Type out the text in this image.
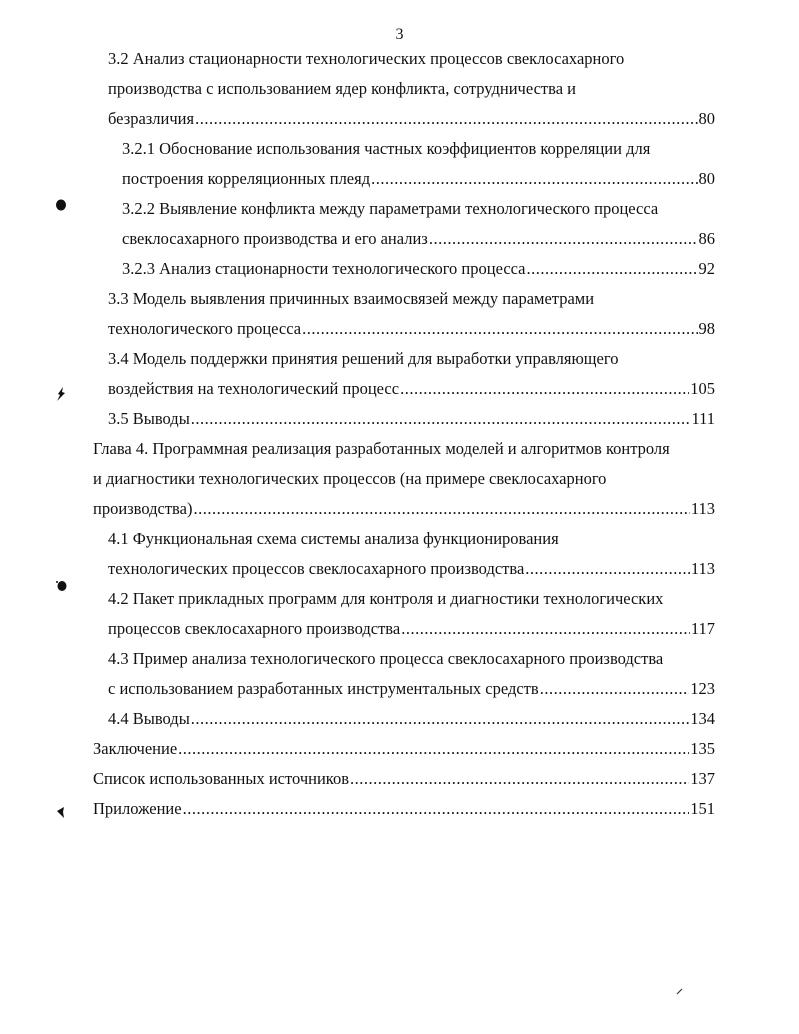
3
3.2 Анализ стационарности технологических процессов свеклосахарного
производства с использованием ядер конфликта, сотрудничества и
безразличия .....	80
3.2.1 Обоснование использования частных коэффициентов корреляции для
построения корреляционных плеяд .....	80
3.2.2 Выявление конфликта между параметрами технологического процесса
свеклосахарного производства и его анализ .....	86
3.2.3 Анализ стационарности технологического процесса .....	92
3.3 Модель выявления причинных взаимосвязей между параметрами
технологического процесса .....	98
3.4 Модель поддержки принятия решений для выработки управляющего
воздействия на технологический процесс .....	105
3.5 Выводы .....	111
Глава 4. Программная реализация разработанных моделей и алгоритмов контроля
и диагностики технологических процессов (на примере свеклосахарного
производства) .....	113
4.1 Функциональная схема системы анализа функционирования
технологических процессов свеклосахарного производства .....	113
4.2 Пакет прикладных программ для контроля и диагностики технологических
процессов свеклосахарного производства .....	117
4.3 Пример анализа технологического процесса свеклосахарного производства
с использованием разработанных инструментальных средств .....	123
4.4 Выводы .....	134
Заключение .....	135
Список использованных источников .....	137
Приложение .....	151
